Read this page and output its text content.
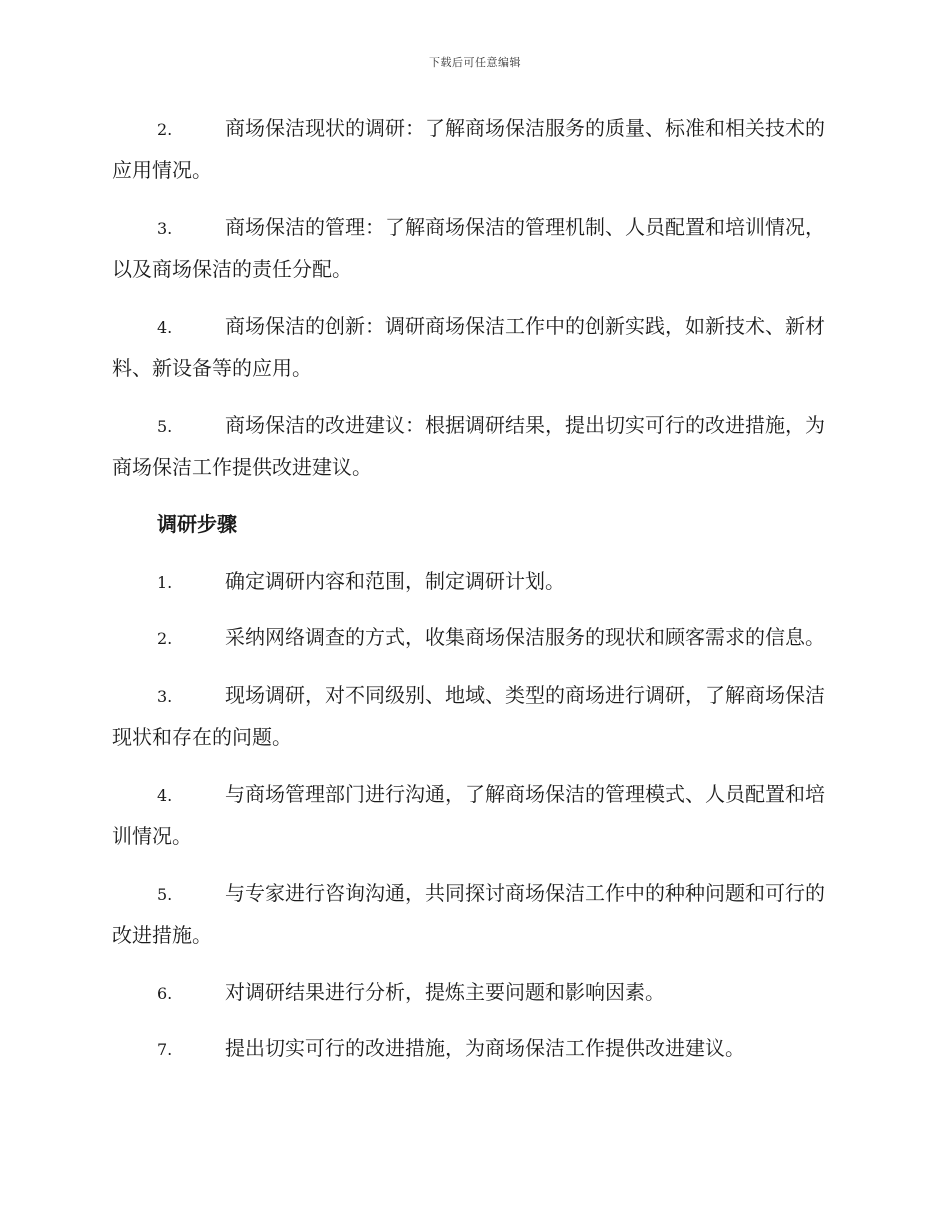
下载后可任意编辑

2.	商场保洁现状的调研：了解商场保洁服务的质量、标准和相关技术的应用情况。

3.	商场保洁的管理：了解商场保洁的管理机制、人员配置和培训情况，以及商场保洁的责任分配。

4.	商场保洁的创新：调研商场保洁工作中的创新实践，如新技术、新材料、新设备等的应用。

5.	商场保洁的改进建议：根据调研结果，提出切实可行的改进措施，为商场保洁工作提供改进建议。

调研步骤

1.	确定调研内容和范围，制定调研计划。

2.	采纳网络调查的方式，收集商场保洁服务的现状和顾客需求的信息。

3.	现场调研，对不同级别、地域、类型的商场进行调研，了解商场保洁现状和存在的问题。

4.	与商场管理部门进行沟通，了解商场保洁的管理模式、人员配置和培训情况。

5.	与专家进行咨询沟通，共同探讨商场保洁工作中的种种问题和可行的改进措施。

6.	对调研结果进行分析，提炼主要问题和影响因素。

7.	提出切实可行的改进措施，为商场保洁工作提供改进建议。
